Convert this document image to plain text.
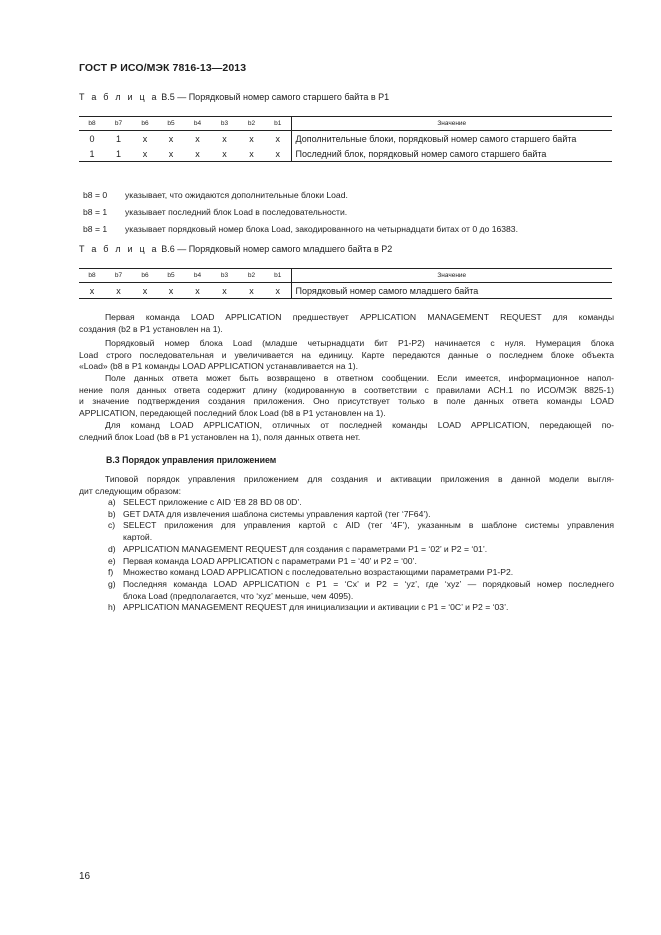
ГОСТ Р ИСО/МЭК 7816-13—2013
Т а б л и ц а B.5 — Порядковый номер самого старшего байта в P1
b8	b7	b6	b5	b4	b3	b2	b1	Значение
0	1	x	x	x	x	x	x	Дополнительные блоки, порядковый номер самого старшего байта
1	1	x	x	x	x	x	x	Последний блок, порядковый номер самого старшего байта
b8 = 0 указывает, что ожидаются дополнительные блоки Load.
b8 = 1 указывает последний блок Load в последовательности.
b8 = 1 указывает порядковый номер блока Load, закодированного на четырнадцати битах от 0 до 16383.
Т а б л и ц а B.6 — Порядковый номер самого младшего байта в P2
b8	b7	b6	b5	b4	b3	b2	b1	Значение
x	x	x	x	x	x	x	x	Порядковый номер самого младшего байта
Первая команда LOAD APPLICATION предшествует APPLICATION MANAGEMENT REQUEST для команды
создания (b2 в P1 установлен на 1).
Порядковый номер блока Load (младше четырнадцати бит P1-P2) начинается с нуля. Нумерация блока
Load строго последовательная и увеличивается на единицу. Карте передаются данные о последнем блоке объекта
«Load» (b8 в P1 команды LOAD APPLICATION устанавливается на 1).
Поле данных ответа может быть возвращено в ответном сообщении. Если имеется, информационное напол-
нение поля данных ответа содержит длину (кодированную в соответствии с правилами АСН.1 по ИСО/МЭК 8825-1)
и значение подтверждения создания приложения. Оно присутствует только в поле данных ответа команды LOAD
APPLICATION, передающей последний блок Load (b8 в P1 установлен на 1).
Для команд LOAD APPLICATION, отличных от последней команды LOAD APPLICATION, передающей по-
следний блок Load (b8 в P1 установлен на 1), поля данных ответа нет.
B.3 Порядок управления приложением
Типовой порядок управления приложением для создания и активации приложения в данной модели выгля-
дит следующим образом:
a) SELECT приложение с AID ‘E8 28 BD 08 0D’.
b) GET DATA для извлечения шаблона системы управления картой (тег ‘7F64’).
c) SELECT приложения для управления картой с AID (тег ‘4F’), указанным в шаблоне системы управления
картой.
d) APPLICATION MANAGEMENT REQUEST для создания с параметрами P1 = ‘02’ и P2 = ‘01’.
e) Первая команда LOAD APPLICATION с параметрами P1 = ‘40’ и P2 = ‘00’.
f) Множество команд LOAD APPLICATION с последовательно возрастающими параметрами P1-P2.
g) Последняя команда LOAD APPLICATION с P1 = ‘Cx’ и P2 = ‘yz’, где ‘xyz’ — порядковый номер последнего
блока Load (предполагается, что ‘xyz’ меньше, чем 4095).
h) APPLICATION MANAGEMENT REQUEST для инициализации и активации с P1 = ‘0C’ и P2 = ‘03’.
16
